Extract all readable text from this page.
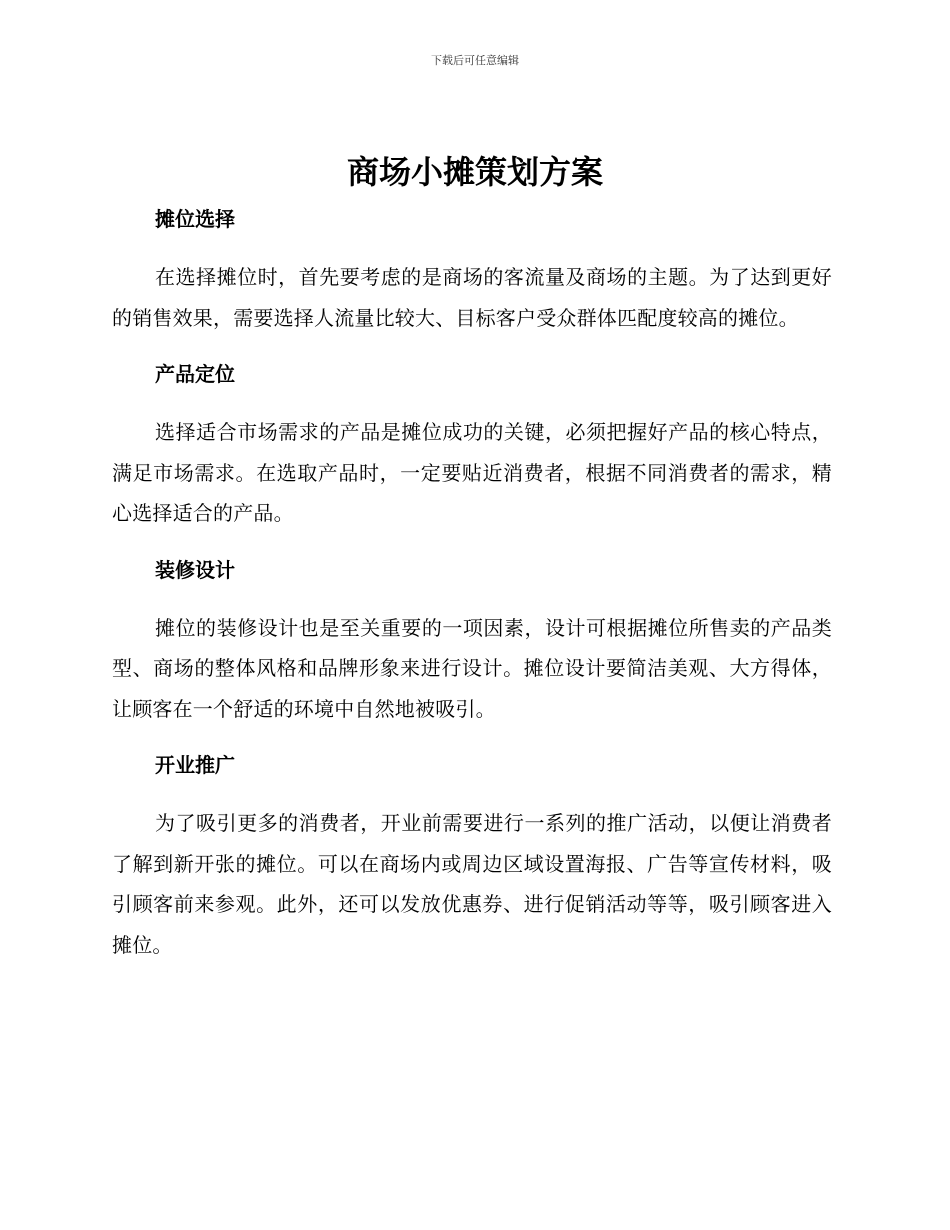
下载后可任意编辑
商场小摊策划方案
摊位选择

在选择摊位时，首先要考虑的是商场的客流量及商场的主题。为了达到更好的销售效果，需要选择人流量比较大、目标客户受众群体匹配度较高的摊位。

产品定位

选择适合市场需求的产品是摊位成功的关键，必须把握好产品的核心特点，满足市场需求。在选取产品时，一定要贴近消费者，根据不同消费者的需求，精心选择适合的产品。

装修设计

摊位的装修设计也是至关重要的一项因素，设计可根据摊位所售卖的产品类型、商场的整体风格和品牌形象来进行设计。摊位设计要简洁美观、大方得体，让顾客在一个舒适的环境中自然地被吸引。

开业推广

为了吸引更多的消费者，开业前需要进行一系列的推广活动，以便让消费者了解到新开张的摊位。可以在商场内或周边区域设置海报、广告等宣传材料，吸引顾客前来参观。此外，还可以发放优惠券、进行促销活动等等，吸引顾客进入摊位。
